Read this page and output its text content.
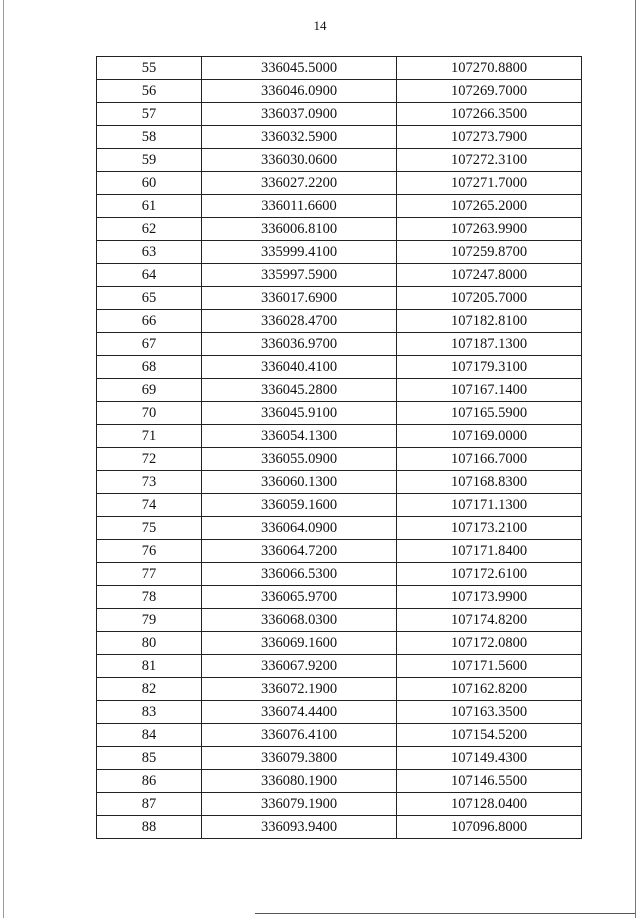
14
55	336045.5000	107270.8800
56	336046.0900	107269.7000
57	336037.0900	107266.3500
58	336032.5900	107273.7900
59	336030.0600	107272.3100
60	336027.2200	107271.7000
61	336011.6600	107265.2000
62	336006.8100	107263.9900
63	335999.4100	107259.8700
64	335997.5900	107247.8000
65	336017.6900	107205.7000
66	336028.4700	107182.8100
67	336036.9700	107187.1300
68	336040.4100	107179.3100
69	336045.2800	107167.1400
70	336045.9100	107165.5900
71	336054.1300	107169.0000
72	336055.0900	107166.7000
73	336060.1300	107168.8300
74	336059.1600	107171.1300
75	336064.0900	107173.2100
76	336064.7200	107171.8400
77	336066.5300	107172.6100
78	336065.9700	107173.9900
79	336068.0300	107174.8200
80	336069.1600	107172.0800
81	336067.9200	107171.5600
82	336072.1900	107162.8200
83	336074.4400	107163.3500
84	336076.4100	107154.5200
85	336079.3800	107149.4300
86	336080.1900	107146.5500
87	336079.1900	107128.0400
88	336093.9400	107096.8000
